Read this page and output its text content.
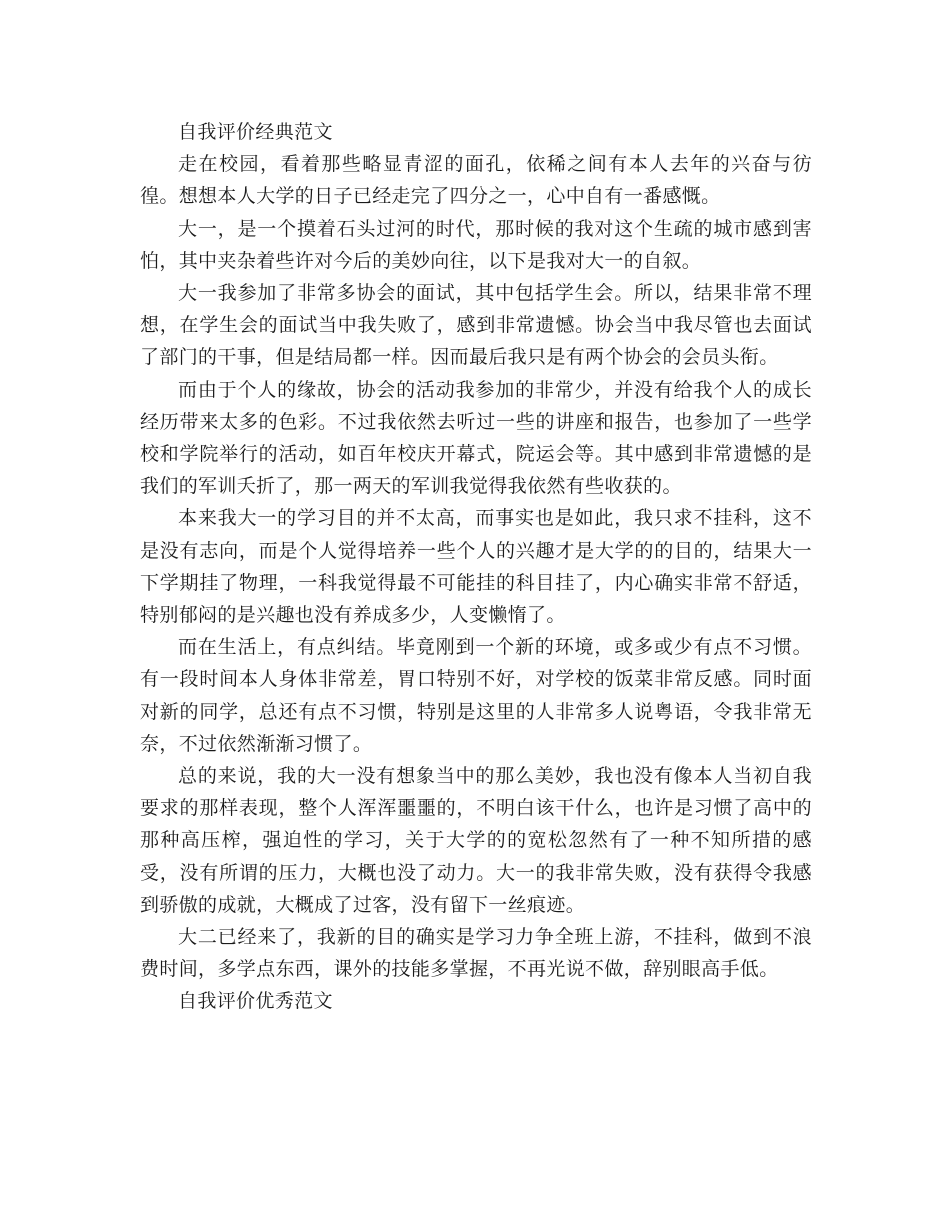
自我评价经典范文

走在校园，看着那些略显青涩的面孔，依稀之间有本人去年的兴奋与彷徨。想想本人大学的日子已经走完了四分之一，心中自有一番感慨。

大一，是一个摸着石头过河的时代，那时候的我对这个生疏的城市感到害怕，其中夹杂着些许对今后的美妙向往，以下是我对大一的自叙。

大一我参加了非常多协会的面试，其中包括学生会。所以，结果非常不理想，在学生会的面试当中我失败了，感到非常遗憾。协会当中我尽管也去面试了部门的干事，但是结局都一样。因而最后我只是有两个协会的会员头衔。

而由于个人的缘故，协会的活动我参加的非常少，并没有给我个人的成长经历带来太多的色彩。不过我依然去听过一些的讲座和报告，也参加了一些学校和学院举行的活动，如百年校庆开幕式，院运会等。其中感到非常遗憾的是我们的军训夭折了，那一两天的军训我觉得我依然有些收获的。

本来我大一的学习目的并不太高，而事实也是如此，我只求不挂科，这不是没有志向，而是个人觉得培养一些个人的兴趣才是大学的的目的，结果大一下学期挂了物理，一科我觉得最不可能挂的科目挂了，内心确实非常不舒适，特别郁闷的是兴趣也没有养成多少，人变懒惰了。

而在生活上，有点纠结。毕竟刚到一个新的环境，或多或少有点不习惯。有一段时间本人身体非常差，胃口特别不好，对学校的饭菜非常反感。同时面对新的同学，总还有点不习惯，特别是这里的人非常多人说粤语，令我非常无奈，不过依然渐渐习惯了。

总的来说，我的大一没有想象当中的那么美妙，我也没有像本人当初自我要求的那样表现，整个人浑浑噩噩的，不明白该干什么，也许是习惯了高中的那种高压榨，强迫性的学习，关于大学的的宽松忽然有了一种不知所措的感受，没有所谓的压力，大概也没了动力。大一的我非常失败，没有获得令我感到骄傲的成就，大概成了过客，没有留下一丝痕迹。

大二已经来了，我新的目的确实是学习力争全班上游，不挂科，做到不浪费时间，多学点东西，课外的技能多掌握，不再光说不做，辞别眼高手低。

自我评价优秀范文
